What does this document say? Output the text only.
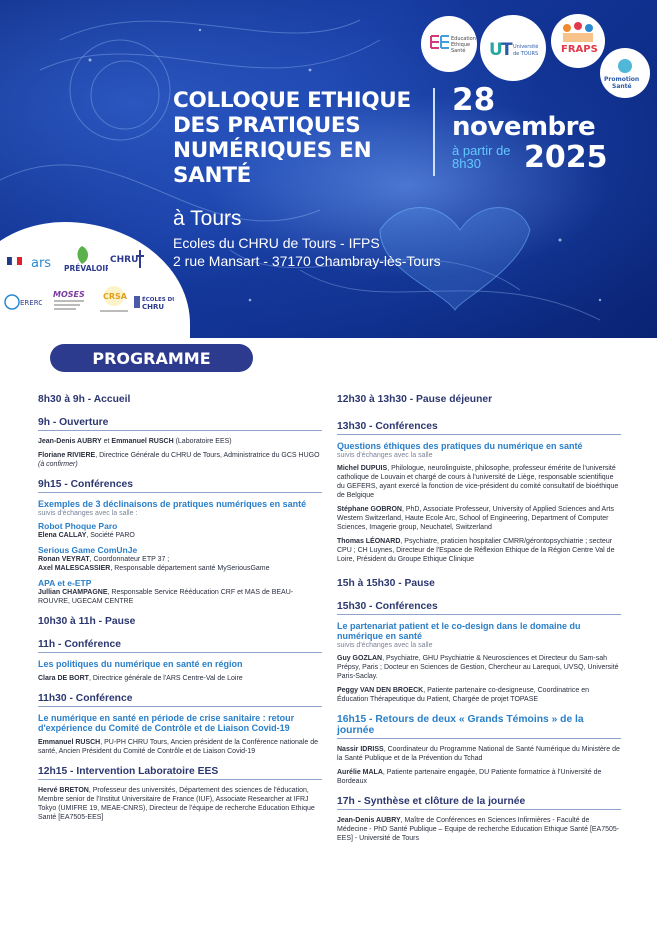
COLLOQUE ETHIQUE DES PRATIQUES NUMÉRIQUES EN SANTÉ
28
novembre
à partir de 8h30	2025
à Tours
Ecoles du CHRU de Tours - IFPS
2 rue Mansart - 37170 Chambray-lès-Tours
Education
Ethique
Santé U
T Université
de TOURS FRAPS
Promotion
Santé
ars PRÉVALOIR
CHRU
ERERC
MOSES CRSA	ÉCOLES DU
CHRU
PROGRAMME
8h30 à 9h - Accueil
9h - Ouverture
Jean-Denis AUBRY et Emmanuel RUSCH (Laboratoire EES)
Floriane RIVIERE, Directrice Générale du CHRU de Tours, Administratrice du GCS HUGO (à confirmer)
9h15 - Conférences
Exemples de 3 déclinaisons de pratiques numériques en santé
suivis d'échanges avec la salle :
Robot Phoque Paro
Elena CALLAY, Société PARO
Serious Game ComUnJe
Ronan VEYRAT, Coordonnateur ETP 37 ;
Axel MALESCASSIER, Responsable département santé MySeriousGame
APA et e-ETP
Jullian CHAMPAGNE, Responsable Service Rééducation CRF et MAS de BEAU-ROUVRE, UGECAM CENTRE
10h30 à 11h - Pause
11h - Conférence
Les politiques du numérique en santé en région
Clara DE BORT, Directrice générale de l'ARS Centre-Val de Loire
11h30 - Conférence
Le numérique en santé en période de crise sanitaire : retour d'expérience du Comité de Contrôle et de Liaison Covid-19
Emmanuel RUSCH, PU-PH CHRU Tours, Ancien président de la Conférence nationale de santé, Ancien Président du Comité de Contrôle et de Liaison Covid-19
12h15 - Intervention Laboratoire EES
Hervé BRETON, Professeur des universités, Département des sciences de l'éducation, Membre senior de l'Institut Universitaire de France (IUF), Associate Researcher at IFRJ Tokyo (UMIFRE 19, MEAE-CNRS), Directeur de l'équipe de recherche Education Ethique Santé [EA7505-EES]
12h30 à 13h30 - Pause déjeuner
13h30 - Conférences
Questions éthiques des pratiques du numérique en santé
suivis d'échanges avec la salle
Michel DUPUIS, Philologue, neurolinguiste, philosophe, professeur émérite de l'université catholique de Louvain et chargé de cours à l'université de Liège, responsable scientifique du GEFERS, ayant exercé la fonction de vice-président du comité consultatif de bioéthique de Belgique
Stéphane GOBRON, PhD, Associate Professeur, University of Applied Sciences and Arts Western Switzerland, Haute Ecole Arc, School of Engineering, Department of Computer Sciences, Imagerie group, Neuchatel, Switzerland
Thomas LÉONARD, Psychiatre, praticien hospitalier CMRR/gérontopsychiatrie ; secteur CPU ; CH Luynes, Directeur de l'Espace de Réflexion Ethique de la Région Centre Val de Loire, Président du Groupe Ethique Clinique
15h à 15h30 - Pause
15h30 - Conférences
Le partenariat patient et le co-design dans le domaine du numérique en santé
suivis d'échanges avec la salle
Guy GOZLAN, Psychiatre, GHU Psychiatrie & Neurosciences et Directeur du Sam-sah Prépsy, Paris ; Docteur en Sciences de Gestion, Chercheur au Larequoi, UVSQ, Université Paris-Saclay.
Peggy VAN DEN BROECK, Patiente partenaire co-designeuse, Coordinatrice en Éducation Thérapeutique du Patient, Chargée de projet TOPASE
16h15 - Retours de deux « Grands Témoins » de la journée
Nassir IDRISS, Coordinateur du Programme National de Santé Numérique du Ministère de la Santé Publique et de la Prévention du Tchad
Aurélie MALA, Patiente partenaire engagée, DU Patiente formatrice à l'Université de Bordeaux
17h - Synthèse et clôture de la journée
Jean-Denis AUBRY, Maître de Conférences en Sciences Infirmières - Faculté de Médecine - PhD Santé Publique – Equipe de recherche Education Ethique Santé [EA7505-EES] - Université de Tours
